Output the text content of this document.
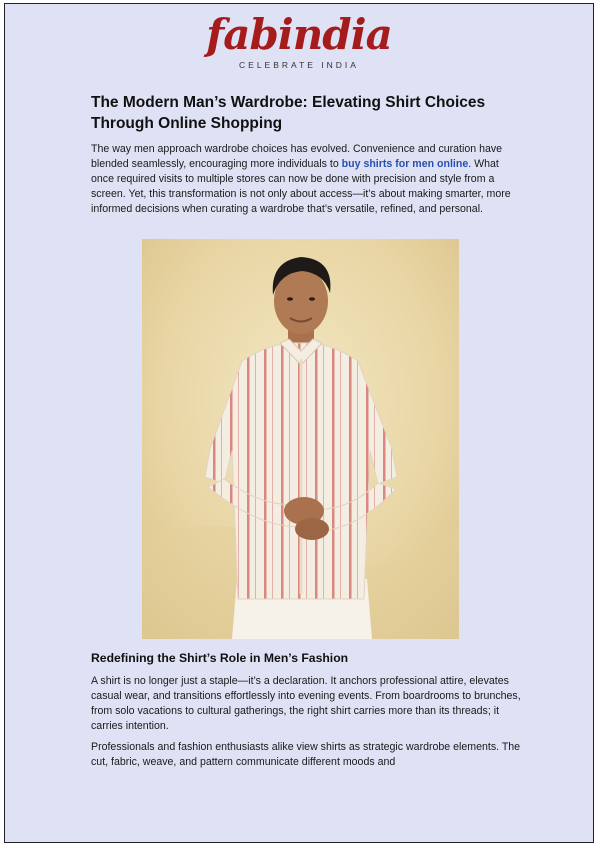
fabindia
CELEBRATE INDIA
The Modern Man’s Wardrobe: Elevating Shirt Choices Through Online Shopping

The way men approach wardrobe choices has evolved. Convenience and curation have blended seamlessly, encouraging more individuals to buy shirts for men online. What once required visits to multiple stores can now be done with precision and style from a screen. Yet, this transformation is not only about access—it’s about making smarter, more informed decisions when curating a wardrobe that’s versatile, refined, and personal.

Redefining the Shirt’s Role in Men’s Fashion

A shirt is no longer just a staple—it’s a declaration. It anchors professional attire, elevates casual wear, and transitions effortlessly into evening events. From boardrooms to brunches, from solo vacations to cultural gatherings, the right shirt carries more than its threads; it carries intention.

Professionals and fashion enthusiasts alike view shirts as strategic wardrobe elements. The cut, fabric, weave, and pattern communicate different moods and
